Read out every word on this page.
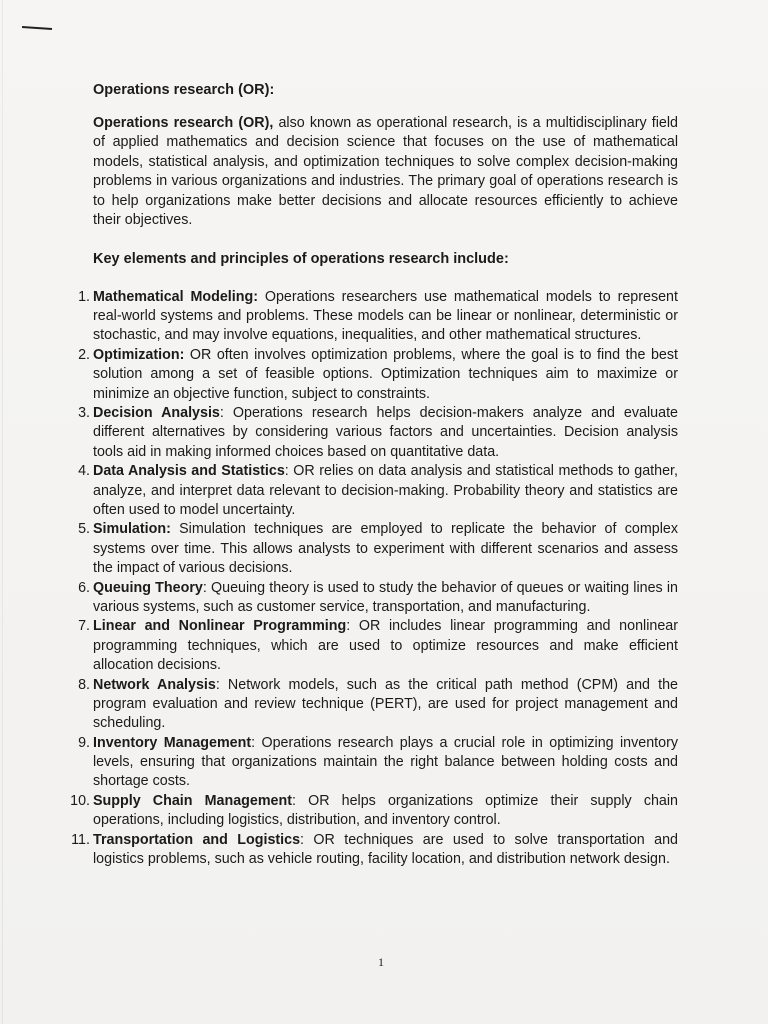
Operations research (OR):

Operations research (OR), also known as operational research, is a multidisciplinary field of applied mathematics and decision science that focuses on the use of mathematical models, statistical analysis, and optimization techniques to solve complex decision-making problems in various organizations and industries. The primary goal of operations research is to help organizations make better decisions and allocate resources efficiently to achieve their objectives.

Key elements and principles of operations research include:
1. Mathematical Modeling: Operations researchers use mathematical models to represent real-world systems and problems. These models can be linear or nonlinear, deterministic or stochastic, and may involve equations, inequalities, and other mathematical structures.
2. Optimization: OR often involves optimization problems, where the goal is to find the best solution among a set of feasible options. Optimization techniques aim to maximize or minimize an objective function, subject to constraints.
3. Decision Analysis: Operations research helps decision-makers analyze and evaluate different alternatives by considering various factors and uncertainties. Decision analysis tools aid in making informed choices based on quantitative data.
4. Data Analysis and Statistics: OR relies on data analysis and statistical methods to gather, analyze, and interpret data relevant to decision-making. Probability theory and statistics are often used to model uncertainty.
5. Simulation: Simulation techniques are employed to replicate the behavior of complex systems over time. This allows analysts to experiment with different scenarios and assess the impact of various decisions.
6. Queuing Theory: Queuing theory is used to study the behavior of queues or waiting lines in various systems, such as customer service, transportation, and manufacturing.
7. Linear and Nonlinear Programming: OR includes linear programming and nonlinear programming techniques, which are used to optimize resources and make efficient allocation decisions.
8. Network Analysis: Network models, such as the critical path method (CPM) and the program evaluation and review technique (PERT), are used for project management and scheduling.
9. Inventory Management: Operations research plays a crucial role in optimizing inventory levels, ensuring that organizations maintain the right balance between holding costs and shortage costs.
10. Supply Chain Management: OR helps organizations optimize their supply chain operations, including logistics, distribution, and inventory control.
11. Transportation and Logistics: OR techniques are used to solve transportation and logistics problems, such as vehicle routing, facility location, and distribution network design.
1
